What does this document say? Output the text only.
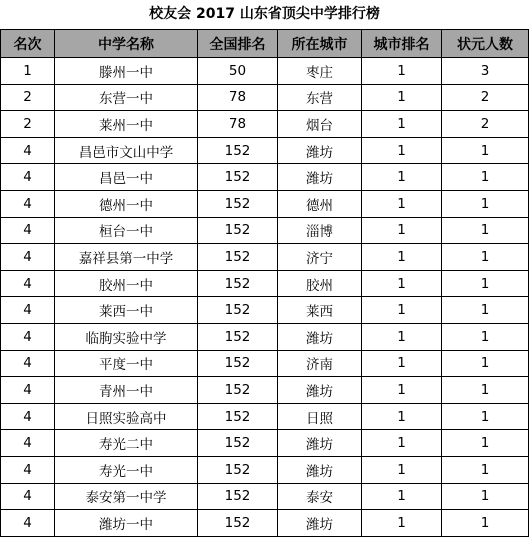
校友会 2017 山东省顶尖中学排行榜
名次	中学名称	全国排名	所在城市	城市排名	状元人数
1	滕州一中	50	枣庄	1	3
2	东营一中	78	东营	1	2
2	莱州一中	78	烟台	1	2
4	昌邑市文山中学	152	潍坊	1	1
4	昌邑一中	152	潍坊	1	1
4	德州一中	152	德州	1	1
4	桓台一中	152	淄博	1	1
4	嘉祥县第一中学	152	济宁	1	1
4	胶州一中	152	胶州	1	1
4	莱西一中	152	莱西	1	1
4	临朐实验中学	152	潍坊	1	1
4	平度一中	152	济南	1	1
4	青州一中	152	潍坊	1	1
4	日照实验高中	152	日照	1	1
4	寿光二中	152	潍坊	1	1
4	寿光一中	152	潍坊	1	1
4	泰安第一中学	152	泰安	1	1
4	潍坊一中	152	潍坊	1	1
